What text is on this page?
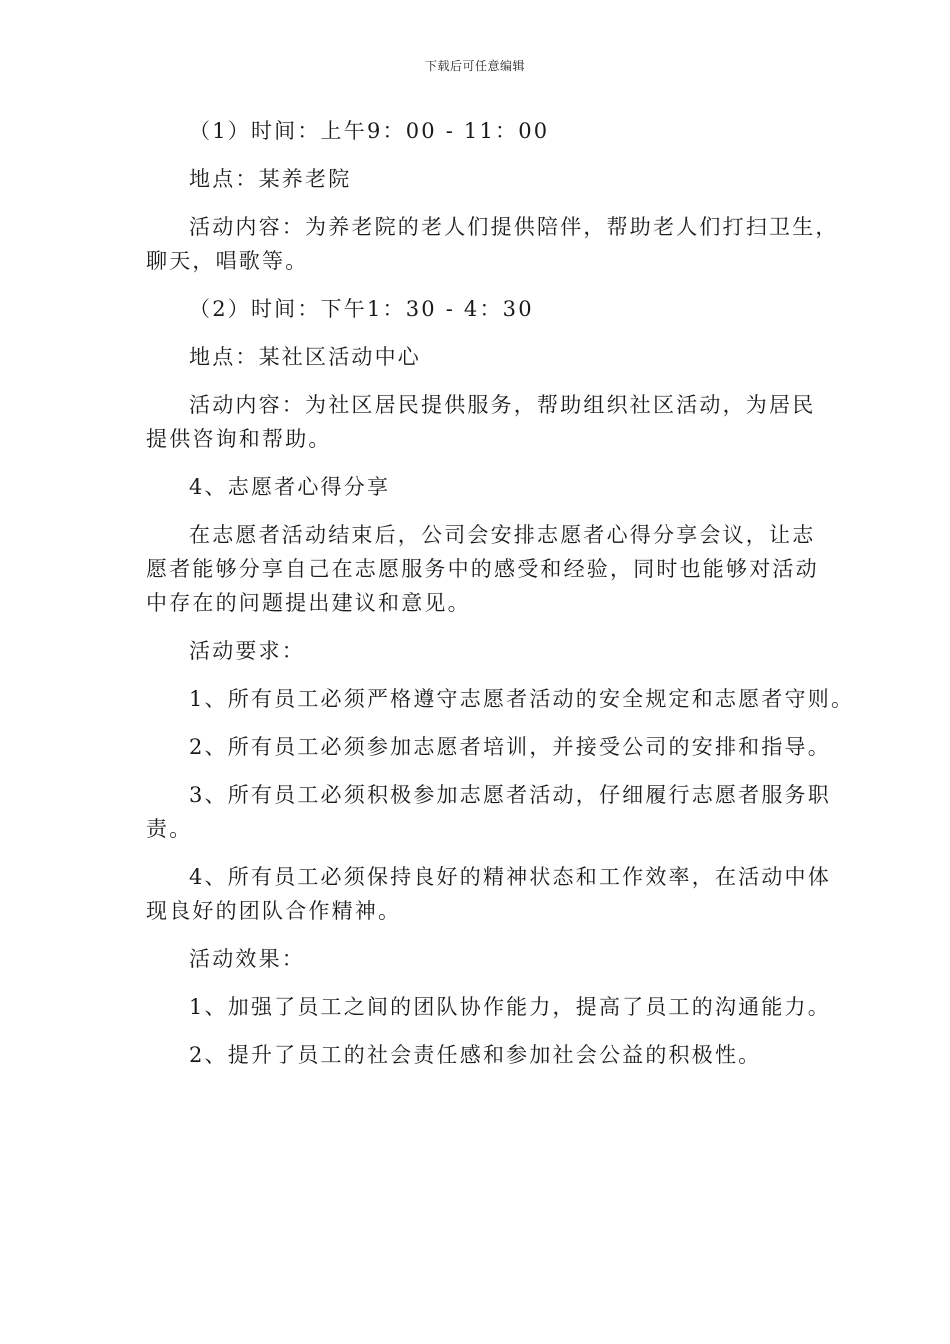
下载后可任意编辑
（1）时间：上午9：00 - 11：00
地点：某养老院
活动内容：为养老院的老人们提供陪伴，帮助老人们打扫卫生，
聊天，唱歌等。
（2）时间：下午1：30 - 4：30
地点：某社区活动中心
活动内容：为社区居民提供服务，帮助组织社区活动，为居民
提供咨询和帮助。
4、志愿者心得分享
在志愿者活动结束后，公司会安排志愿者心得分享会议，让志
愿者能够分享自己在志愿服务中的感受和经验，同时也能够对活动
中存在的问题提出建议和意见。
活动要求：
1、所有员工必须严格遵守志愿者活动的安全规定和志愿者守则。
2、所有员工必须参加志愿者培训，并接受公司的安排和指导。
3、所有员工必须积极参加志愿者活动，仔细履行志愿者服务职
责。
4、所有员工必须保持良好的精神状态和工作效率，在活动中体
现良好的团队合作精神。
活动效果：
1、加强了员工之间的团队协作能力，提高了员工的沟通能力。
2、提升了员工的社会责任感和参加社会公益的积极性。
